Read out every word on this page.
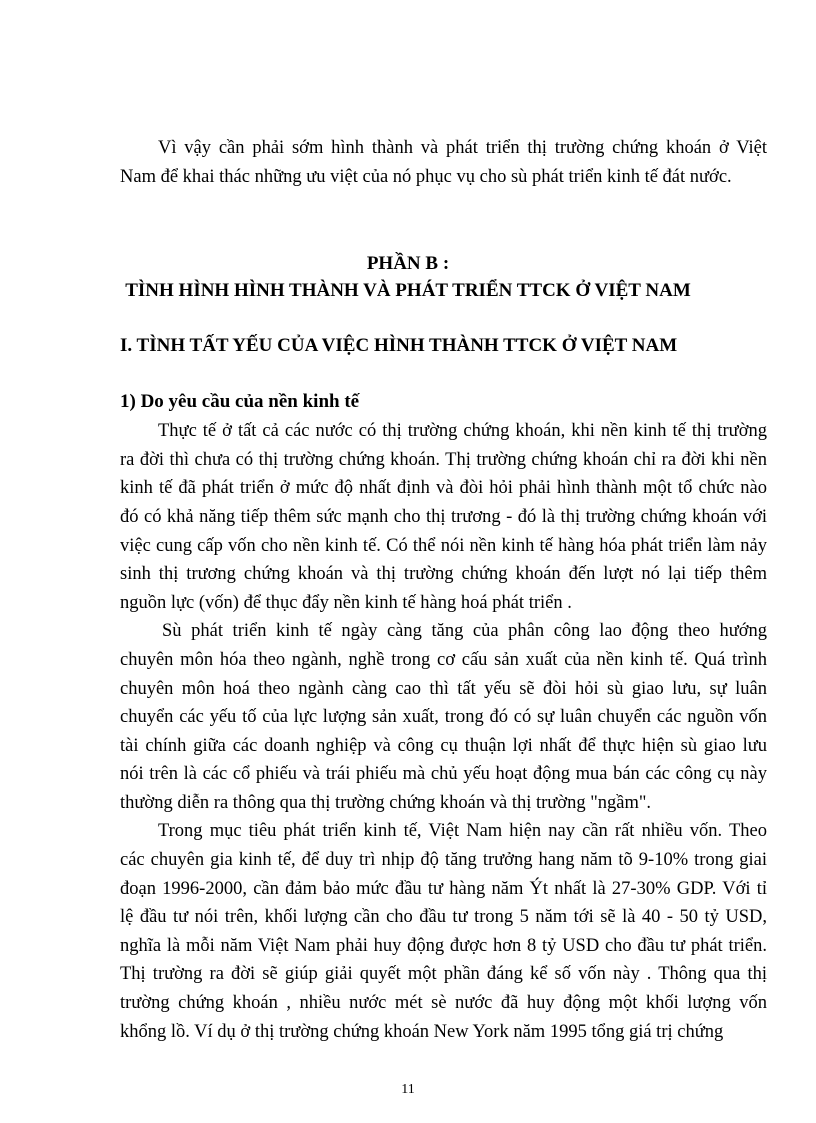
Vì vậy cần phải sớm hình thành và phát triển thị trường chứng khoán ở Việt
Nam để khai thác những ưu việt của nó phục vụ cho sù phát triển kinh tế đát nước.
PHẦN B :
TÌNH HÌNH HÌNH THÀNH VÀ PHÁT TRIỂN TTCK Ở VIỆT NAM
I. TÌNH TẤT YẾU CỦA VIỆC HÌNH THÀNH TTCK Ở VIỆT NAM
1) Do yêu cầu của nền kinh tế
Thực tế ở tất cả các nước có thị trường chứng khoán, khi nền kinh tế thị trường
ra đời thì chưa có thị trường chứng khoán. Thị trường chứng khoán chỉ ra đời khi nền
kinh tế đã phát triển ở mức độ nhất định và đòi hỏi phải hình thành một tổ chức nào
đó có khả năng tiếp thêm sức mạnh cho thị trương - đó là thị trường chứng khoán với
việc cung cấp vốn cho nền kinh tế. Có thể nói nền kinh tế hàng hóa phát triển làm nảy
sinh thị trương chứng khoán và thị trường chứng khoán đến lượt nó lại tiếp thêm
nguồn lực (vốn) để thục đẩy nền kinh tế hàng hoá phát triển .
Sù phát triển kinh tế ngày càng tăng của phân công lao động theo hướng
chuyên môn hóa theo ngành, nghề trong cơ cấu sản xuất của nền kinh tế. Quá trình
chuyên môn hoá theo ngành càng cao thì tất yếu sẽ đòi hỏi sù giao lưu, sự luân
chuyển các yếu tố của lực lượng sản xuất, trong đó có sự luân chuyển các nguồn vốn
tài chính giữa các doanh nghiệp và công cụ thuận lợi nhất để thực hiện sù giao lưu
nói trên là các cổ phiếu và trái phiếu mà chủ yếu hoạt động mua bán các công cụ này
thường diễn ra thông qua thị trường chứng khoán và thị trường "ngầm".
Trong mục tiêu phát triển kinh tế, Việt Nam hiện nay cần rất nhiều vốn. Theo
các chuyên gia kinh tế, để duy trì nhịp độ tăng trưởng hang năm tõ 9-10% trong giai
đoạn 1996-2000, cần đảm bảo mức đầu tư hàng năm Ýt nhất là 27-30% GDP. Với tỉ
lệ đầu tư nói trên, khối lượng cần cho đầu tư trong 5 năm tới sẽ là 40 - 50 tỷ USD,
nghĩa là mỗi năm Việt Nam phải huy động được hơn 8 tỷ USD cho đầu tư phát triển.
Thị trường ra đời sẽ giúp giải quyết một phần đáng kể số vốn này . Thông qua thị
trường chứng khoán , nhiều nước mét sè nước đã huy động một khối lượng vốn
khổng lồ. Ví dụ ở thị trường chứng khoán New York năm 1995 tổng giá trị chứng
11
